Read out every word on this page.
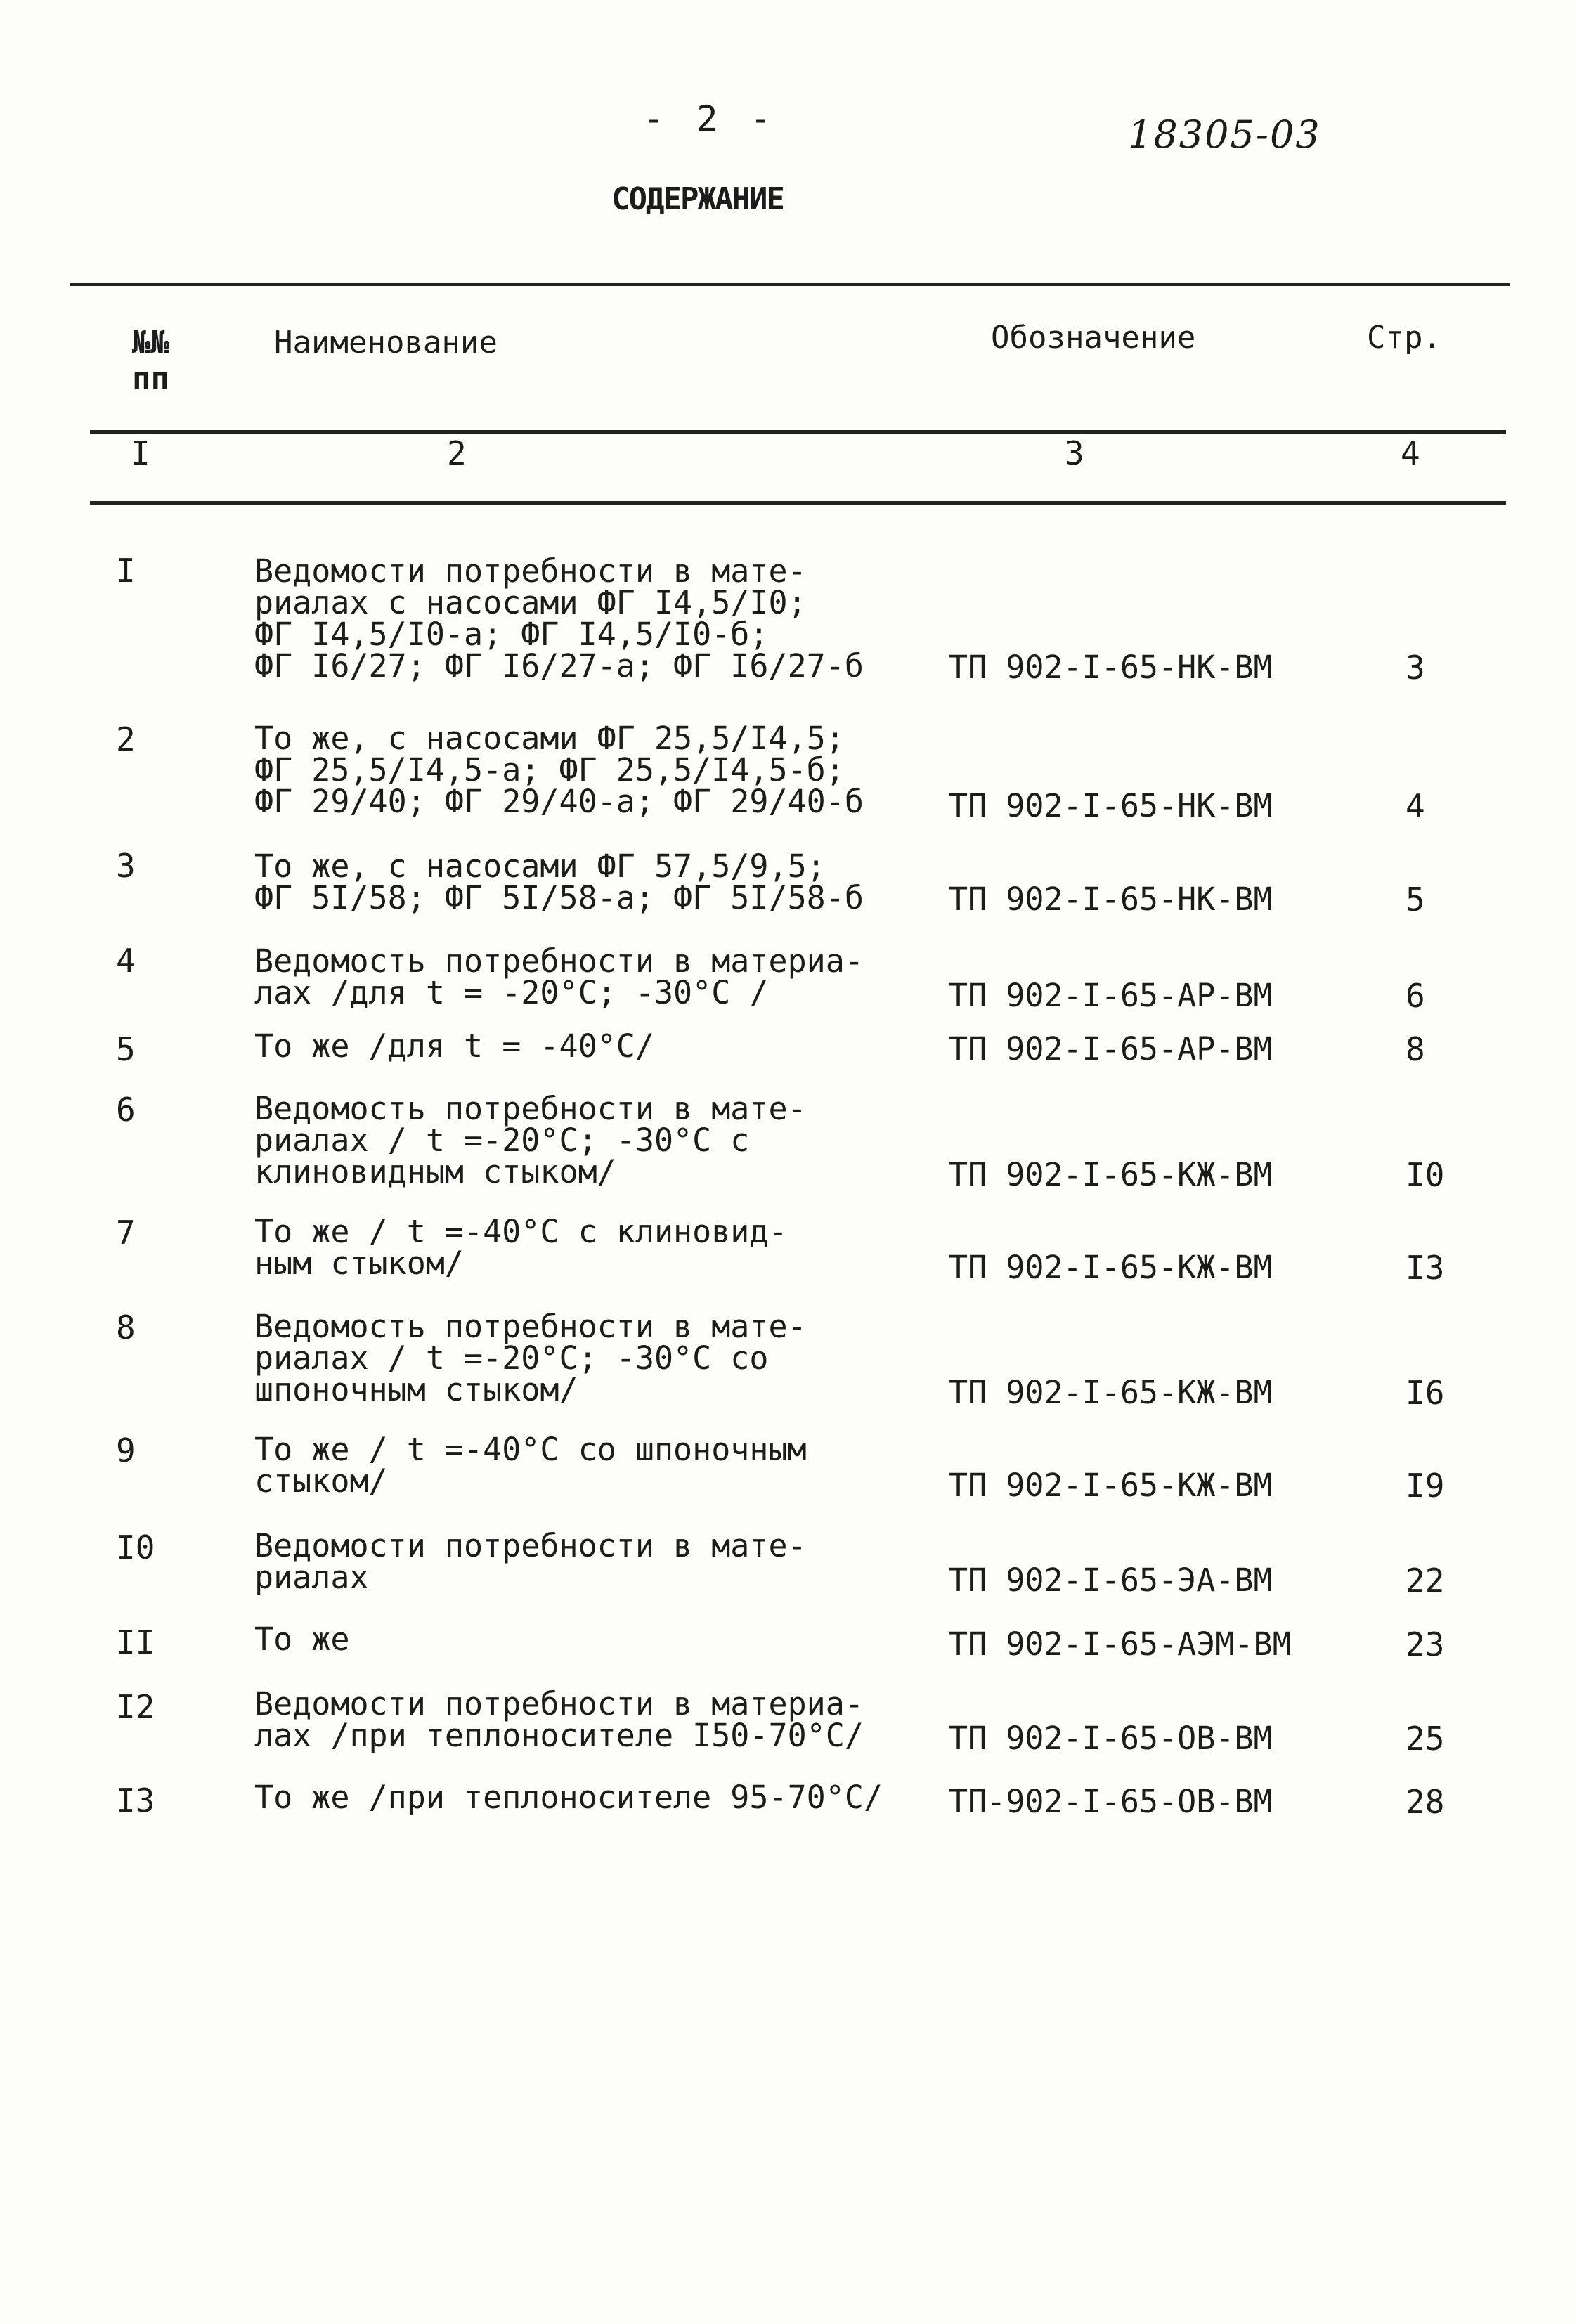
- 2 -	18305-03
СОДЕРЖАНИЕ
№№ пп
Наименование	Обозначение	Стр.
I	2	3	4
I	Ведомости потребности в мате-
риалах с насосами ФГ I4,5/I0;
ФГ I4,5/I0-а; ФГ I4,5/I0-б;
ФГ I6/27; ФГ I6/27-а; ФГ I6/27-б	ТП 902-I-65-НК-ВМ	3
2	То же, с насосами ФГ 25,5/I4,5;
ФГ 25,5/I4,5-а; ФГ 25,5/I4,5-б;
ФГ 29/40; ФГ 29/40-а; ФГ 29/40-б	ТП 902-I-65-НК-ВМ	4
3	То же, с насосами ФГ 57,5/9,5;
ФГ 5I/58; ФГ 5I/58-а; ФГ 5I/58-б	ТП 902-I-65-НК-ВМ	5
4	Ведомость потребности в материа-
лах /для t = -20°С; -30°С /	ТП 902-I-65-АР-ВМ	6
5	То же /для t = -40°С/	ТП 902-I-65-АР-ВМ	8
6	Ведомость потребности в мате-
риалах / t =-20°С; -30°С с
клиновидным стыком/	ТП 902-I-65-КЖ-ВМ	I0
7	То же / t =-40°С с клиновид-
ным стыком/	ТП 902-I-65-КЖ-ВМ	I3
8	Ведомость потребности в мате-
риалах / t =-20°С; -30°С со
шпоночным стыком/	ТП 902-I-65-КЖ-ВМ	I6
9	То же / t =-40°С со шпоночным
стыком/	ТП 902-I-65-КЖ-ВМ	I9
I0	Ведомости потребности в мате-
риалах	ТП 902-I-65-ЭА-ВМ	22
II	То же	ТП 902-I-65-АЭМ-ВМ	23
I2	Ведомости потребности в материа-
лах /при теплоносителе I50-70°С/	ТП 902-I-65-ОВ-ВМ	25
I3	То же /при теплоносителе 95-70°С/	ТП-902-I-65-ОВ-ВМ	28
